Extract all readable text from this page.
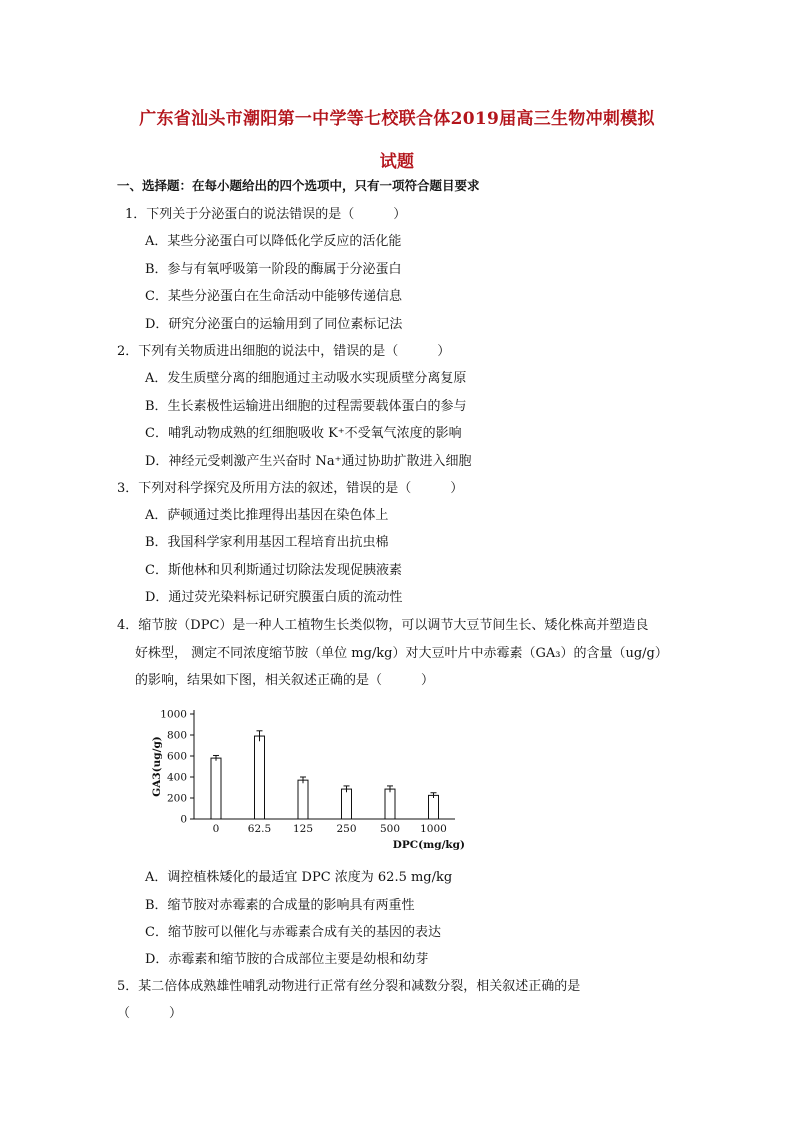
广东省汕头市潮阳第一中学等七校联合体2019届高三生物冲刺模拟
试题
一、选择题：在每小题给出的四个选项中，只有一项符合题目要求
1．下列关于分泌蛋白的说法错误的是（　　　）
A．某些分泌蛋白可以降低化学反应的活化能
B．参与有氧呼吸第一阶段的酶属于分泌蛋白
C．某些分泌蛋白在生命活动中能够传递信息
D．研究分泌蛋白的运输用到了同位素标记法
2．下列有关物质进出细胞的说法中，错误的是（　　　）
A．发生质壁分离的细胞通过主动吸水实现质壁分离复原
B．生长素极性运输进出细胞的过程需要载体蛋白的参与
C．哺乳动物成熟的红细胞吸收 K⁺不受氧气浓度的影响
D．神经元受刺激产生兴奋时 Na⁺通过协助扩散进入细胞
3．下列对科学探究及所用方法的叙述，错误的是（　　　）
A．萨顿通过类比推理得出基因在染色体上
B．我国科学家利用基因工程培育出抗虫棉
C．斯他林和贝利斯通过切除法发现促胰液素
D．通过荧光染料标记研究膜蛋白质的流动性
4．缩节胺（DPC）是一种人工植物生长类似物，可以调节大豆节间生长、矮化株高并塑造良
好株型， 测定不同浓度缩节胺（单位 mg/kg）对大豆叶片中赤霉素（GA₃）的含量（ug/g）
的影响，结果如下图，相关叙述正确的是（　　　）
0
200
400
600
800
1000
GA3(ug/g)
0	62.5 125 250 500 1000
DPC(mg/kg)
A．调控植株矮化的最适宜 DPC 浓度为 62.5 mg/kg
B．缩节胺对赤霉素的合成量的影响具有两重性
C．缩节胺可以催化与赤霉素合成有关的基因的表达
D．赤霉素和缩节胺的合成部位主要是幼根和幼芽
5．某二倍体成熟雄性哺乳动物进行正常有丝分裂和减数分裂，相关叙述正确的是
（　　　）
